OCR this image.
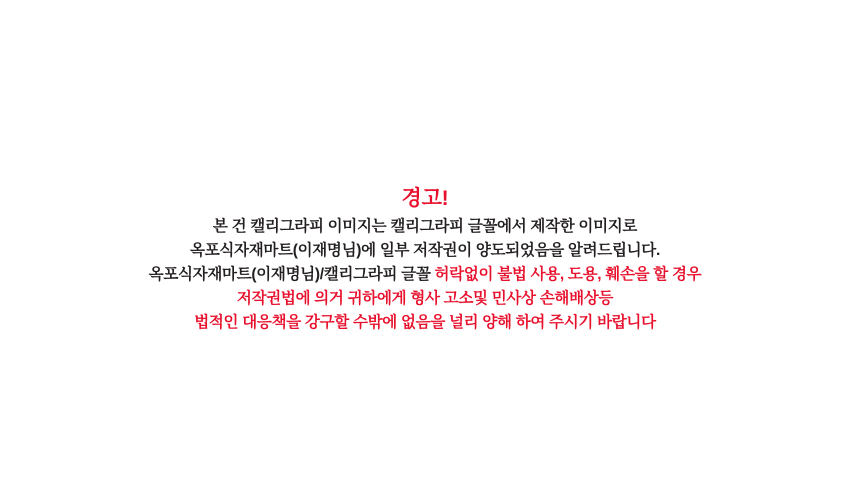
경고!
본 건 캘리그라피 이미지는 캘리그라피 글꼴에서 제작한 이미지로
옥포식자재마트(이재명님)에 일부 저작권이 양도되었음을 알려드립니다.
옥포식자재마트(이재명님)/캘리그라피 글꼴 허락없이 불법 사용, 도용, 훼손을 할 경우
저작권법에 의거 귀하에게 형사 고소및 민사상 손해배상등
법적인 대응책을 강구할 수밖에 없음을 널리 양해 하여 주시기 바랍니다
